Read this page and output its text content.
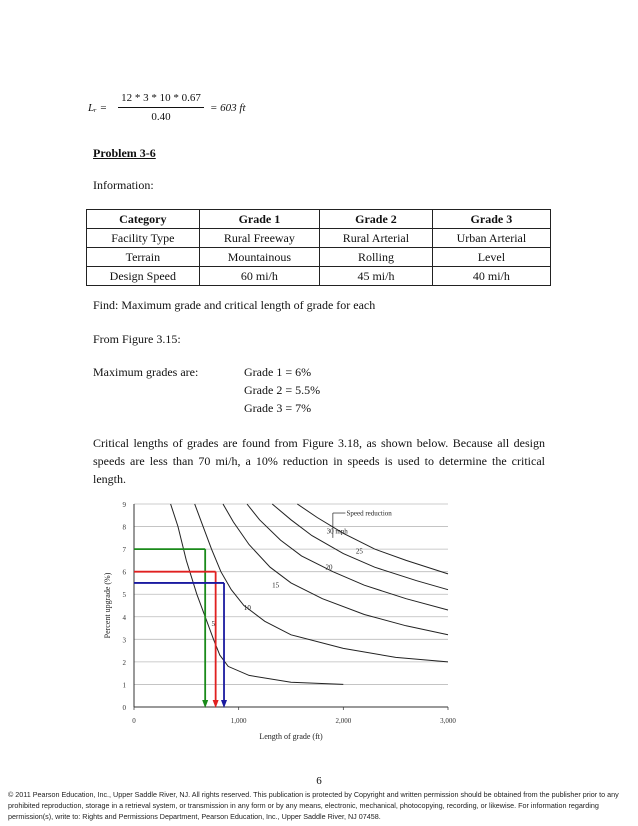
Lᵣ =
12 * 3 * 10 * 0.67
0.40
= 603 ft
Problem 3-6
Information:
Category	Grade 1	Grade 2	Grade 3
Facility Type	Rural Freeway	Rural Arterial	Urban Arterial
Terrain	Mountainous	Rolling	Level
Design Speed	60 mi/h	45 mi/h	40 mi/h
Find: Maximum grade and critical length of grade for each
From Figure 3.15:
Maximum grades are:	Grade 1 = 6%
Grade 2 = 5.5%
Grade 3 = 7%
Critical lengths of grades are found from Figure 3.18, as shown below. Because all design speeds are less than 70 mi/h, a 10% reduction in speeds is used to determine the critical length.
0
1
2
3
4
5
6
7
8
9
0	1,000	2,000	3,000
5
10
15
20
25
30 mph
Speed reduction
Length of grade (ft)
Percent upgrade (%)
6
© 2011 Pearson Education, Inc., Upper Saddle River, NJ. All rights reserved. This publication is protected by Copyright and written permission should be obtained from the publisher prior to any prohibited reproduction, storage in a retrieval system, or transmission in any form or by any means, electronic, mechanical, photocopying, recording, or likewise. For information regarding permission(s), write to: Rights and Permissions Department, Pearson Education, Inc., Upper Saddle River, NJ 07458.
